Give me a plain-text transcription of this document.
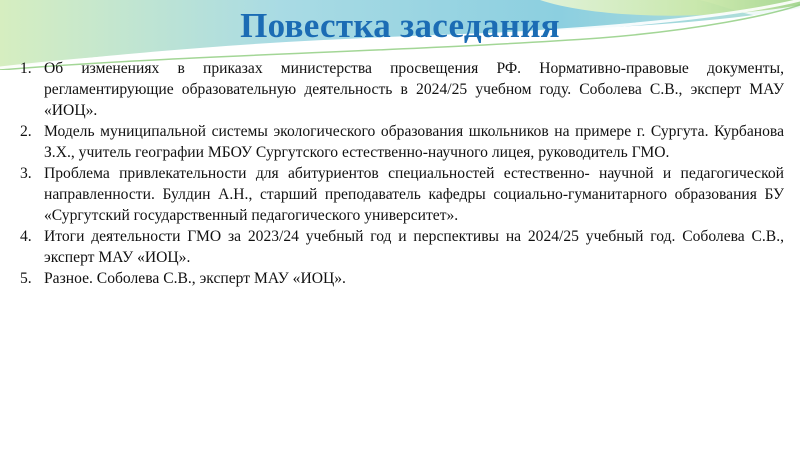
Повестка заседания
1. Об изменениях в приказах министерства просвещения РФ. Нормативно-правовые документы, регламентирующие образовательную деятельность в 2024/25 учебном году. Соболева С.В., эксперт МАУ «ИОЦ».
2. Модель муниципальной системы экологического образования школьников на примере г. Сургута. Курбанова З.Х., учитель географии МБОУ Сургутского естественно-научного лицея, руководитель ГМО.
3. Проблема привлекательности для абитуриентов специальностей естественно- научной и педагогической направленности. Булдин А.Н., старший преподаватель кафедры социально-гуманитарного образования БУ «Сургутский государственный педагогического университет».
4. Итоги деятельности ГМО за 2023/24 учебный год и перспективы на 2024/25 учебный год. Соболева С.В., эксперт МАУ «ИОЦ».
5. Разное. Соболева С.В., эксперт МАУ «ИОЦ».
